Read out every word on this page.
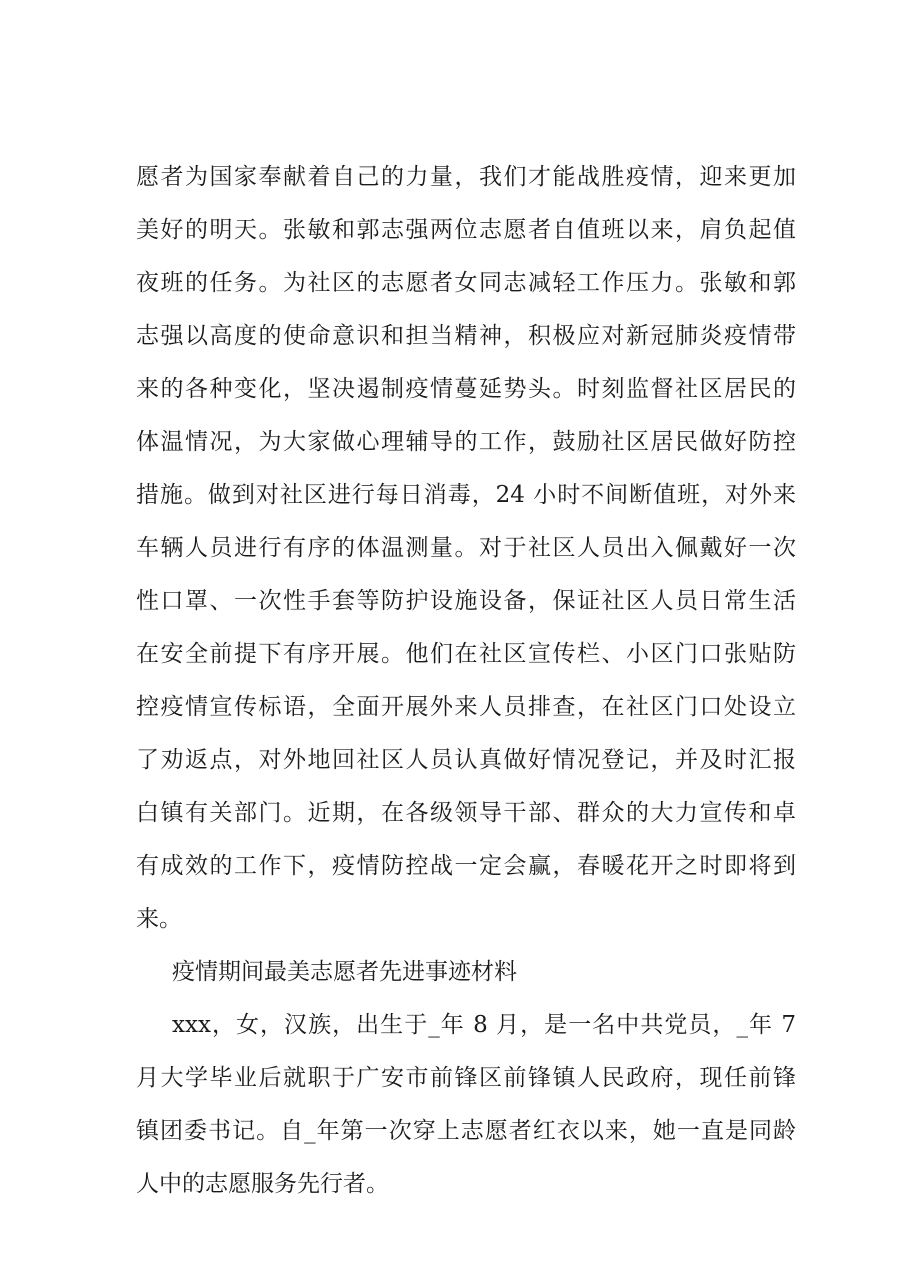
愿者为国家奉献着自己的力量，我们才能战胜疫情，迎来更加
美好的明天。张敏和郭志强两位志愿者自值班以来，肩负起值
夜班的任务。为社区的志愿者女同志减轻工作压力。张敏和郭
志强以高度的使命意识和担当精神，积极应对新冠肺炎疫情带
来的各种变化，坚决遏制疫情蔓延势头。时刻监督社区居民的
体温情况，为大家做心理辅导的工作，鼓励社区居民做好防控
措施。做到对社区进行每日消毒，24 小时不间断值班，对外来
车辆人员进行有序的体温测量。对于社区人员出入佩戴好一次
性口罩、一次性手套等防护设施设备，保证社区人员日常生活
在安全前提下有序开展。他们在社区宣传栏、小区门口张贴防
控疫情宣传标语，全面开展外来人员排查，在社区门口处设立
了劝返点，对外地回社区人员认真做好情况登记，并及时汇报
白镇有关部门。近期，在各级领导干部、群众的大力宣传和卓
有成效的工作下，疫情防控战一定会赢，春暖花开之时即将到
来。
疫情期间最美志愿者先进事迹材料
xxx，女，汉族，出生于_年 8 月，是一名中共党员，_年 7
月大学毕业后就职于广安市前锋区前锋镇人民政府，现任前锋
镇团委书记。自_年第一次穿上志愿者红衣以来，她一直是同龄
人中的志愿服务先行者。
